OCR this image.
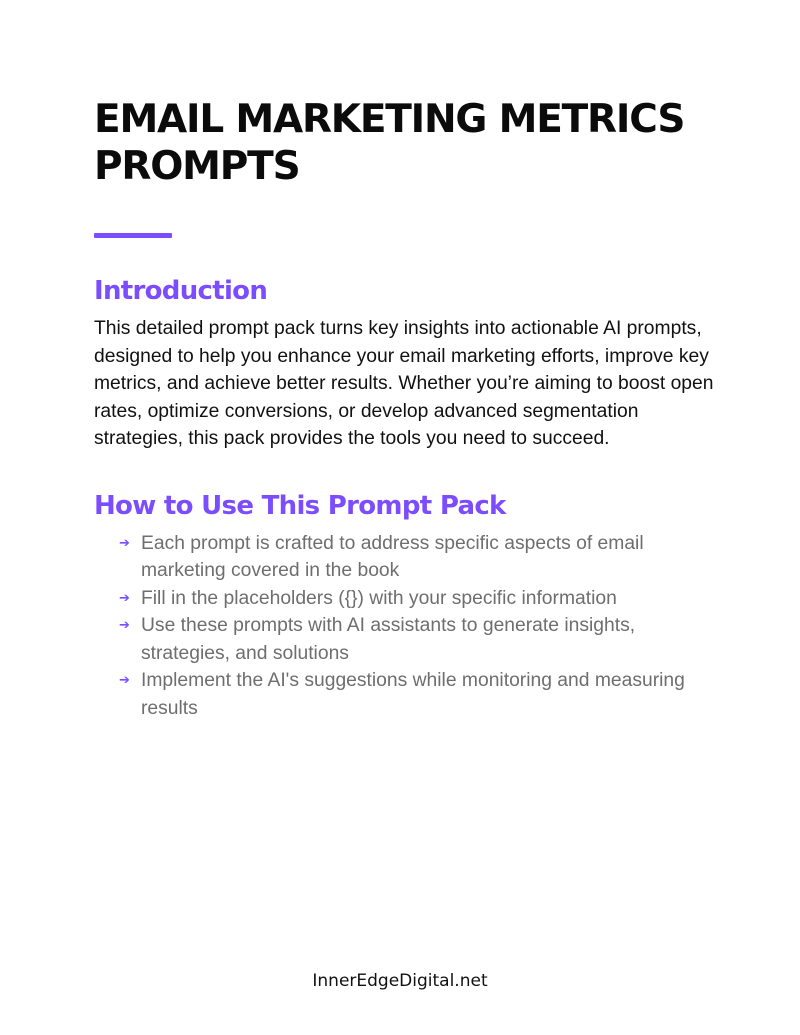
EMAIL MARKETING METRICS PROMPTS
Introduction

This detailed prompt pack turns key insights into actionable AI prompts, designed to help you enhance your email marketing efforts, improve key metrics, and achieve better results. Whether you’re aiming to boost open rates, optimize conversions, or develop advanced segmentation strategies, this pack provides the tools you need to succeed.

How to Use This Prompt Pack
➔ Each prompt is crafted to address specific aspects of email marketing covered in the book
➔ Fill in the placeholders ({}) with your specific information
➔ Use these prompts with AI assistants to generate insights, strategies, and solutions
➔ Implement the AI's suggestions while monitoring and measuring results
InnerEdgeDigital.net
